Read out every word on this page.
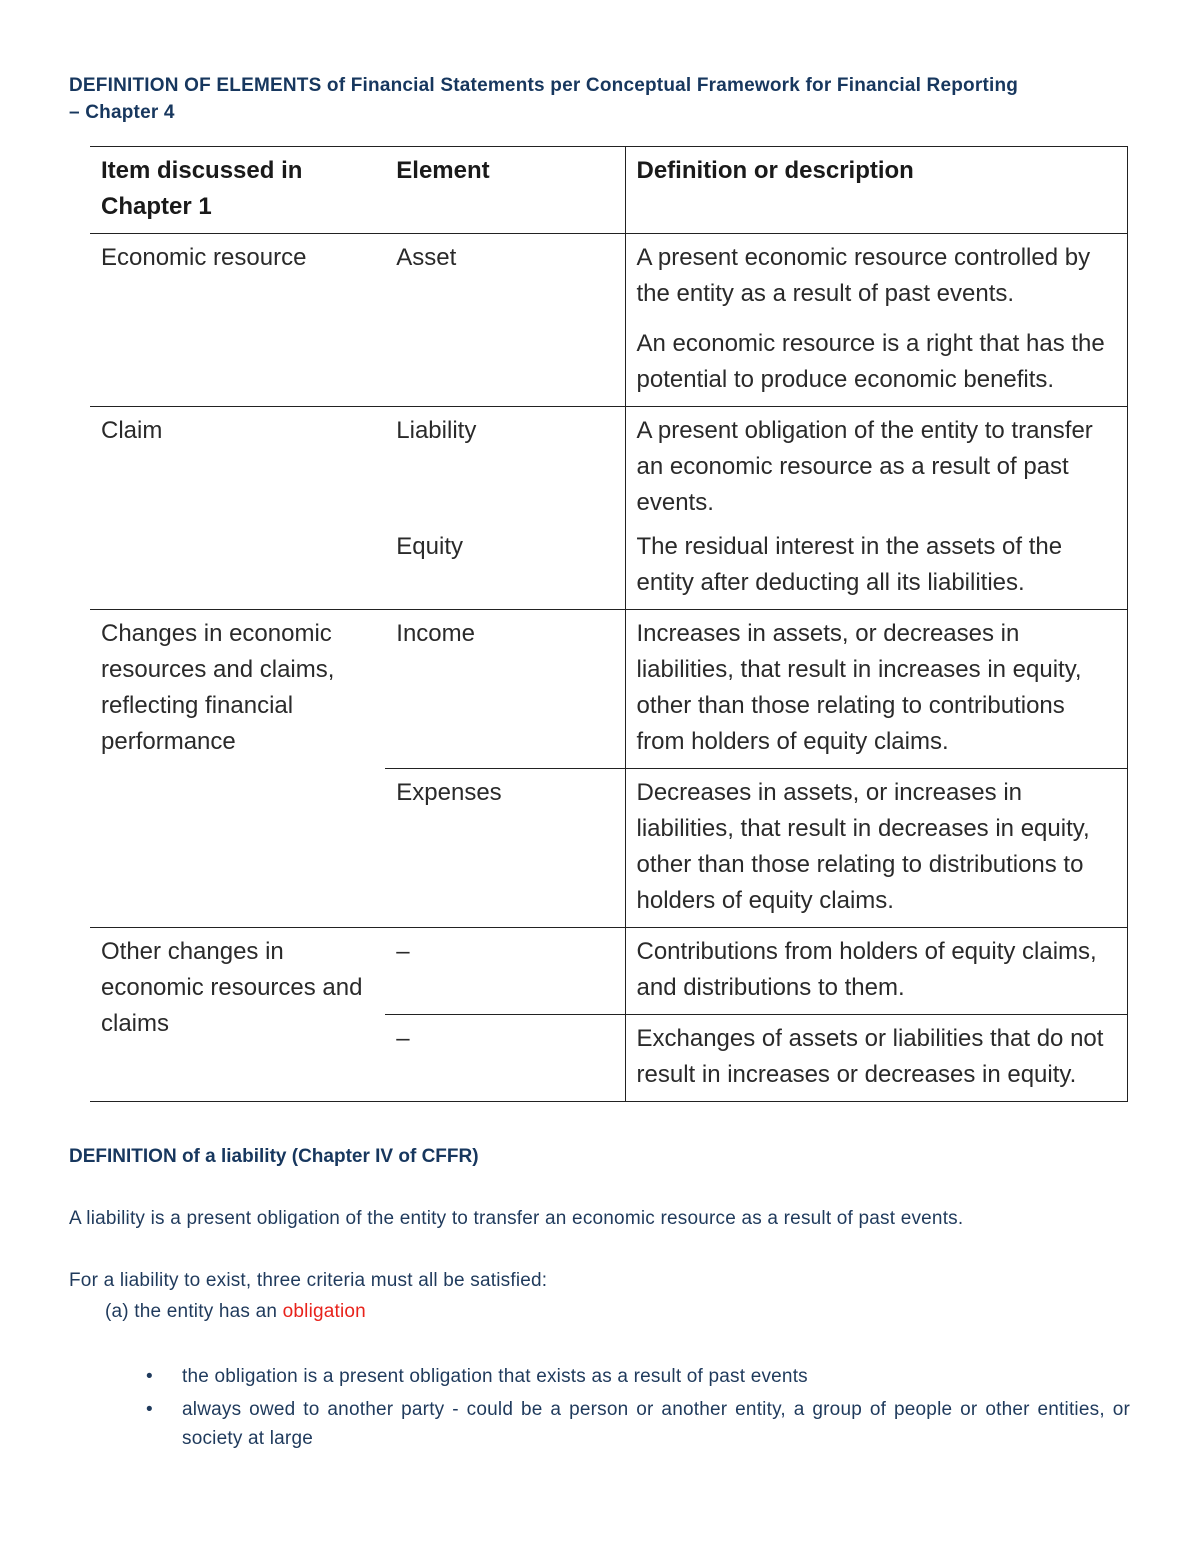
DEFINITION OF ELEMENTS of Financial Statements per Conceptual Framework for Financial Reporting
– Chapter 4
Item discussed in Chapter 1	Element	Definition or description
Economic resource	Asset	A present economic resource controlled by the entity as a result of past events.

An economic resource is a right that has the potential to produce economic benefits.

Claim	Liability	A present obligation of the entity to transfer an economic resource as a result of past events.
	Equity	The residual interest in the assets of the entity after deducting all its liabilities.
Changes in economic resources and claims, reflecting financial performance	Income	Increases in assets, or decreases in liabilities, that result in increases in equity, other than those relating to contributions from holders of equity claims.
	Expenses	Decreases in assets, or increases in liabilities, that result in decreases in equity, other than those relating to distributions to holders of equity claims.
Other changes in economic resources and claims	–	Contributions from holders of equity claims, and distributions to them.
	–	Exchanges of assets or liabilities that do not result in increases or decreases in equity.
DEFINITION of a liability (Chapter IV of CFFR)
A liability is a present obligation of the entity to transfer an economic resource as a result of past events.
For a liability to exist, three criteria must all be satisfied:
(a) the entity has an obligation
• the obligation is a present obligation that exists as a result of past events
• always owed to another party - could be a person or another entity, a group of people or other entities, or society at large
